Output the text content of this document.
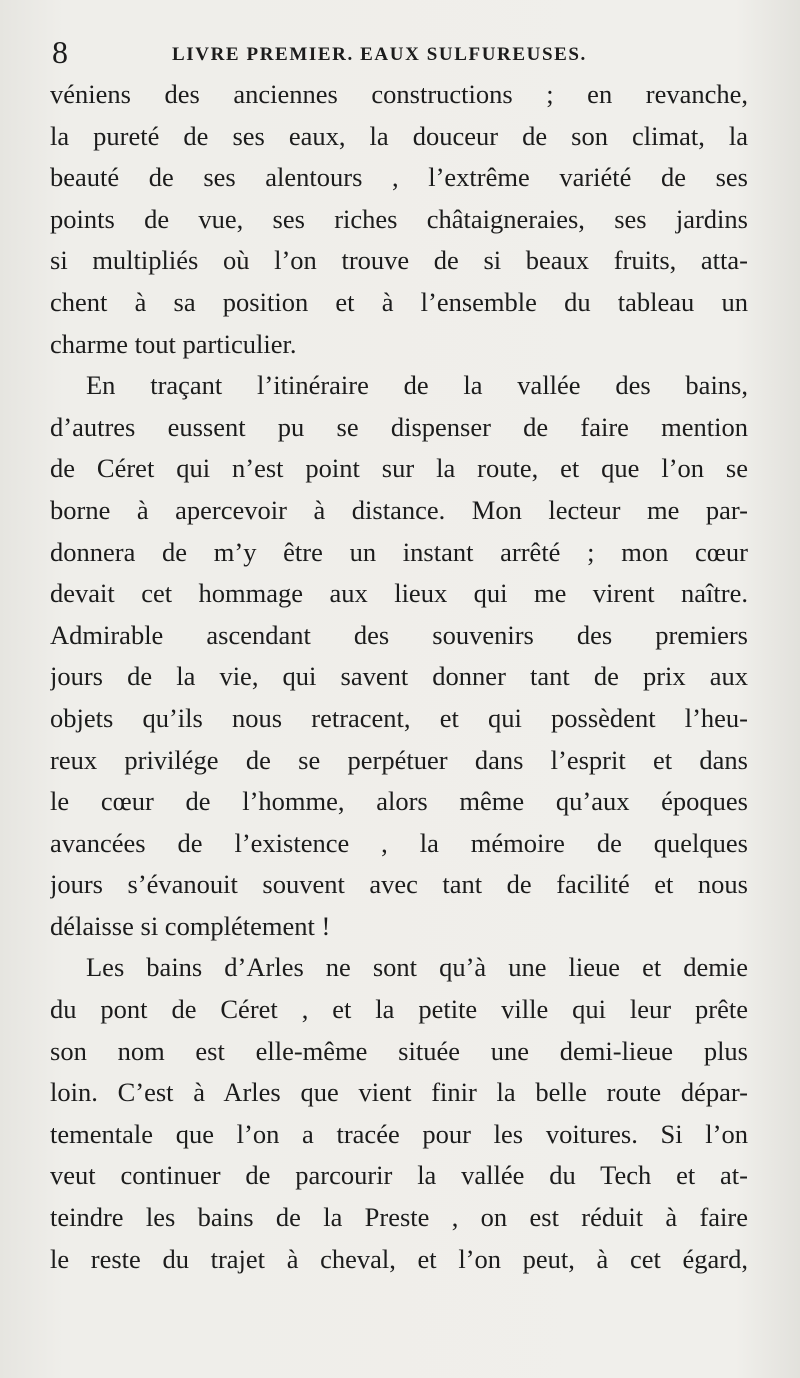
8	LIVRE PREMIER. EAUX SULFUREUSES.
véniens des anciennes constructions ; en revanche,
la pureté de ses eaux, la douceur de son climat, la
beauté de ses alentours , l’extrême variété de ses
points de vue, ses riches châtaigneraies, ses jardins
si multipliés où l’on trouve de si beaux fruits, atta-
chent à sa position et à l’ensemble du tableau un
charme tout particulier.
En traçant l’itinéraire de la vallée des bains,
d’autres eussent pu se dispenser de faire mention
de Céret qui n’est point sur la route, et que l’on se
borne à apercevoir à distance. Mon lecteur me par-
donnera de m’y être un instant arrêté ; mon cœur
devait cet hommage aux lieux qui me virent naître.
Admirable ascendant des souvenirs des premiers
jours de la vie, qui savent donner tant de prix aux
objets qu’ils nous retracent, et qui possèdent l’heu-
reux privilége de se perpétuer dans l’esprit et dans
le cœur de l’homme, alors même qu’aux époques
avancées de l’existence , la mémoire de quelques
jours s’évanouit souvent avec tant de facilité et nous
délaisse si complétement !
Les bains d’Arles ne sont qu’à une lieue et demie
du pont de Céret , et la petite ville qui leur prête
son nom est elle-même située une demi-lieue plus
loin. C’est à Arles que vient finir la belle route dépar-
tementale que l’on a tracée pour les voitures. Si l’on
veut continuer de parcourir la vallée du Tech et at-
teindre les bains de la Preste , on est réduit à faire
le reste du trajet à cheval, et l’on peut, à cet égard,
